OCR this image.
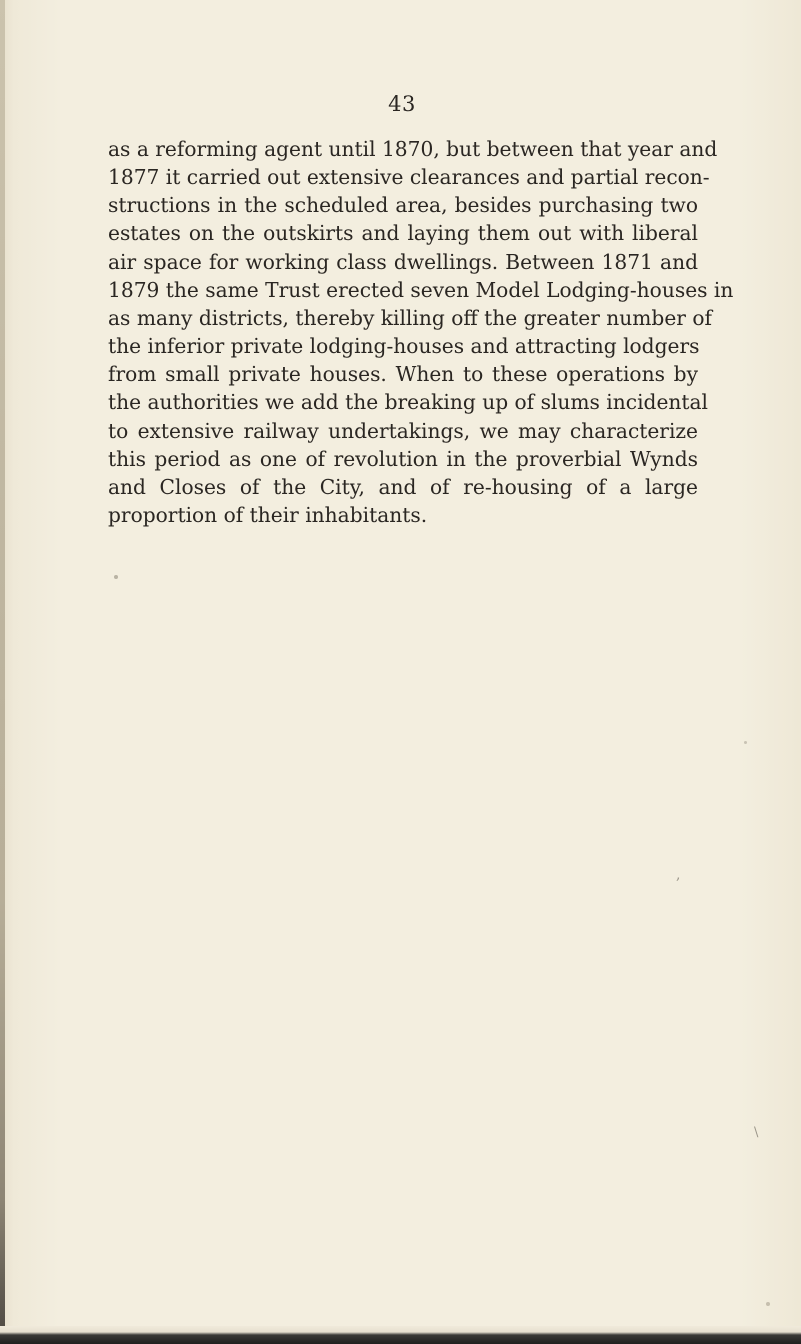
43

as a reforming agent until 1870, but between that year and
1877 it carried out extensive clearances and partial recon-
structions in the scheduled area, besides purchasing two
estates on the outskirts and laying them out with liberal
air space for working class dwellings. Between 1871 and
1879 the same Trust erected seven Model Lodging-houses in
as many districts, thereby killing off the greater number of
the inferior private lodging-houses and attracting lodgers
from small private houses. When to these operations by
the authorities we add the breaking up of slums incidental
to extensive railway undertakings, we may characterize
this period as one of revolution in the proverbial Wynds
and Closes of the City, and of re-housing of a large
proportion of their inhabitants.

,
\
